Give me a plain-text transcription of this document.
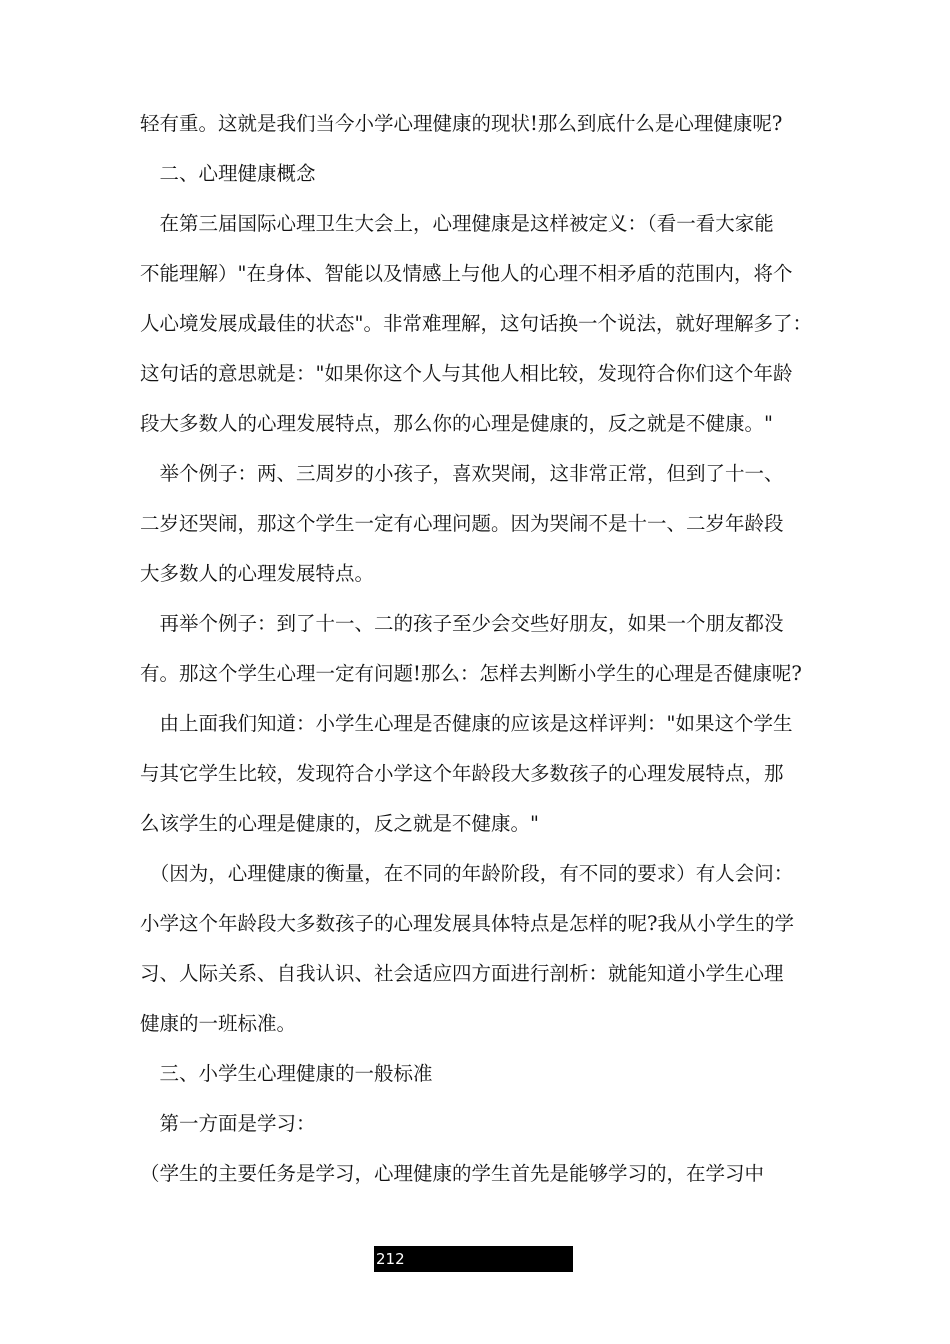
轻有重。这就是我们当今小学心理健康的现状!那么到底什么是心理健康呢?
　二、心理健康概念
　在第三届国际心理卫生大会上，心理健康是这样被定义：（看一看大家能
不能理解）"在身体、智能以及情感上与他人的心理不相矛盾的范围内，将个
人心境发展成最佳的状态"。非常难理解，这句话换一个说法，就好理解多了：
这句话的意思就是："如果你这个人与其他人相比较，发现符合你们这个年龄
段大多数人的心理发展特点，那么你的心理是健康的，反之就是不健康。"
　举个例子：两、三周岁的小孩子，喜欢哭闹，这非常正常，但到了十一、
二岁还哭闹，那这个学生一定有心理问题。因为哭闹不是十一、二岁年龄段
大多数人的心理发展特点。
　再举个例子：到了十一、二的孩子至少会交些好朋友，如果一个朋友都没
有。那这个学生心理一定有问题!那么：怎样去判断小学生的心理是否健康呢?
　由上面我们知道：小学生心理是否健康的应该是这样评判："如果这个学生
与其它学生比较，发现符合小学这个年龄段大多数孩子的心理发展特点，那
么该学生的心理是健康的，反之就是不健康。"
　（因为，心理健康的衡量，在不同的年龄阶段，有不同的要求）有人会问：
小学这个年龄段大多数孩子的心理发展具体特点是怎样的呢?我从小学生的学
习、人际关系、自我认识、社会适应四方面进行剖析：就能知道小学生心理
健康的一班标准。
　三、小学生心理健康的一般标准
　第一方面是学习：
（学生的主要任务是学习，心理健康的学生首先是能够学习的，在学习中
212
